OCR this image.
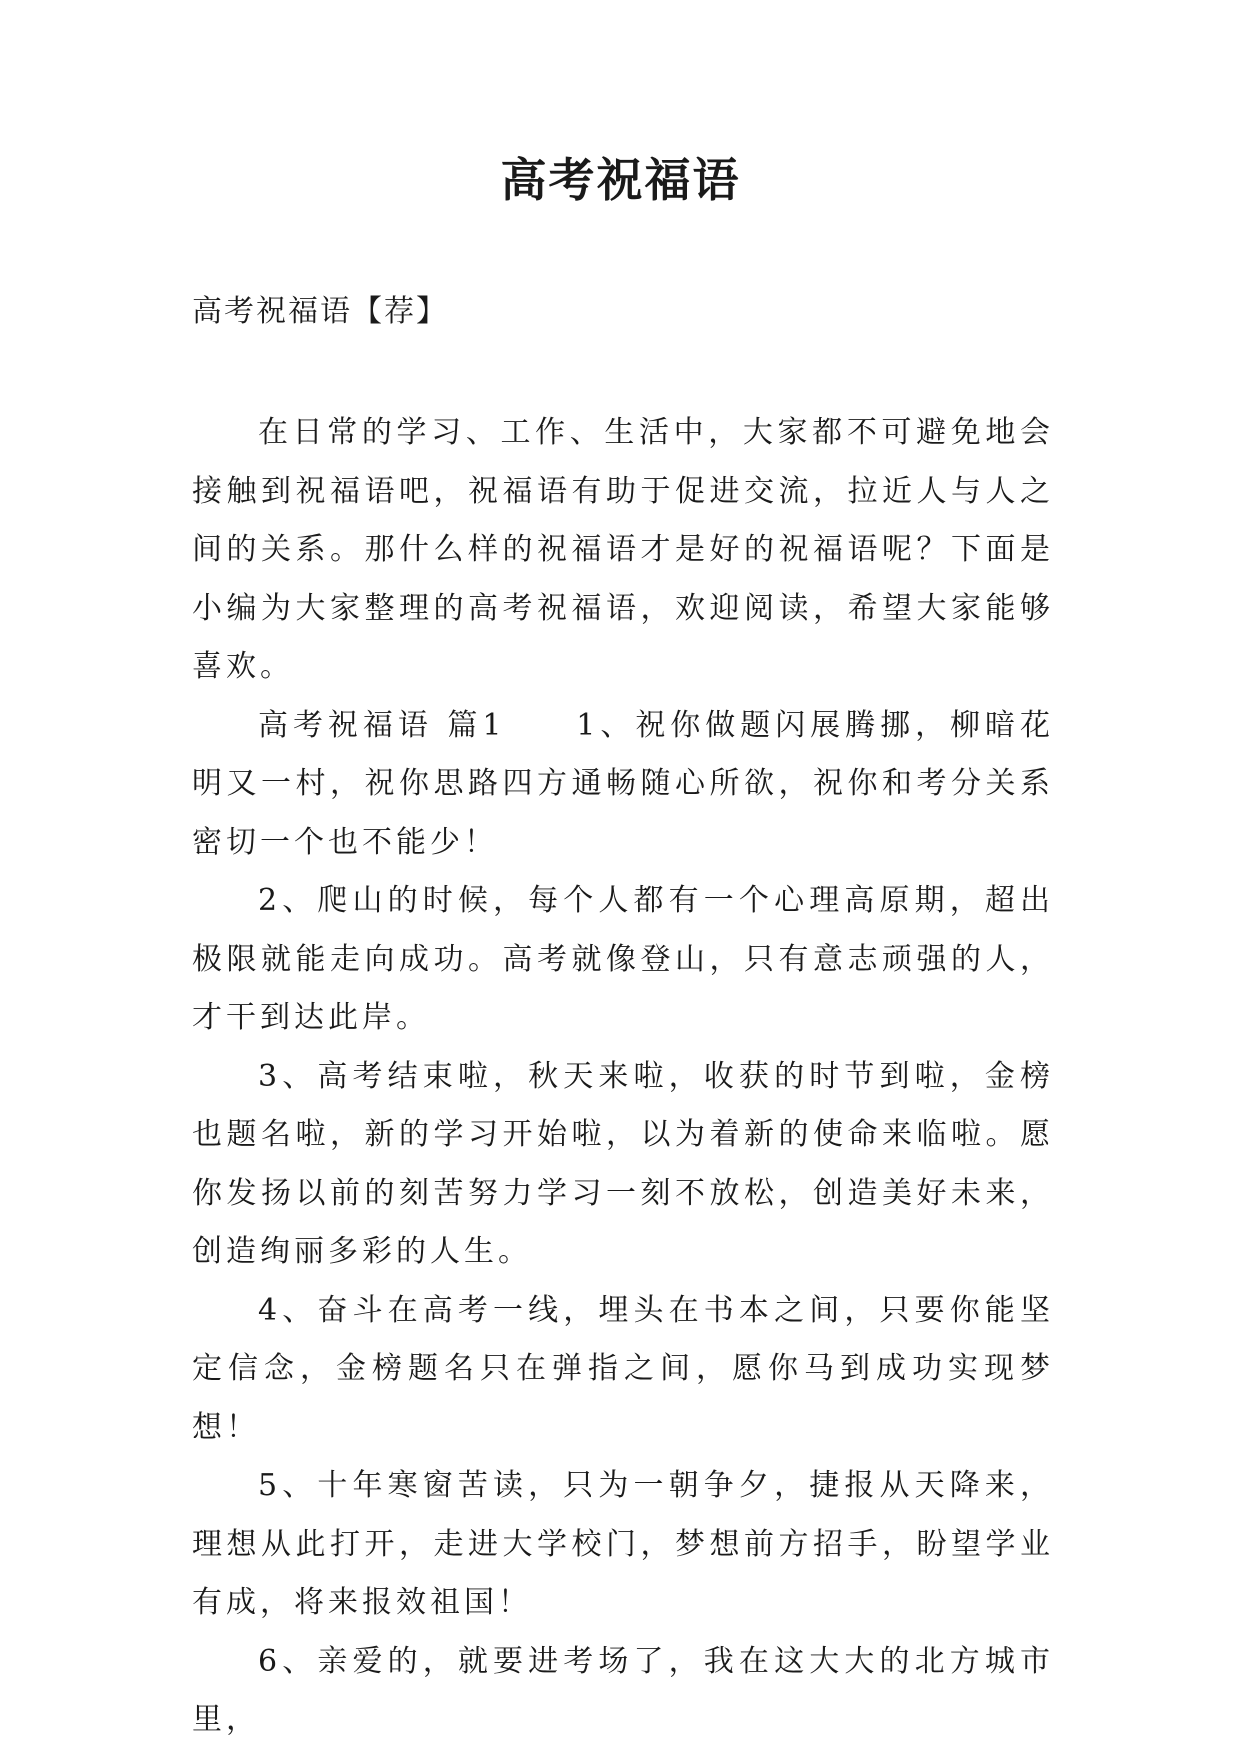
高考祝福语

高考祝福语【荐】

在日常的学习、工作、生活中，大家都不可避免地会接触到祝福语吧，祝福语有助于促进交流，拉近人与人之间的关系。那什么样的祝福语才是好的祝福语呢？下面是小编为大家整理的高考祝福语，欢迎阅读，希望大家能够喜欢。

高考祝福语 篇1　　1、祝你做题闪展腾挪，柳暗花明又一村，祝你思路四方通畅随心所欲，祝你和考分关系密切一个也不能少！

2、爬山的时候，每个人都有一个心理高原期，超出极限就能走向成功。高考就像登山，只有意志顽强的人，才干到达此岸。

3、高考结束啦，秋天来啦，收获的时节到啦，金榜也题名啦，新的学习开始啦，以为着新的使命来临啦。愿你发扬以前的刻苦努力学习一刻不放松，创造美好未来，创造绚丽多彩的人生。

4、奋斗在高考一线，埋头在书本之间，只要你能坚定信念，金榜题名只在弹指之间，愿你马到成功实现梦想！

5、十年寒窗苦读，只为一朝争夕，捷报从天降来，理想从此打开，走进大学校门，梦想前方招手，盼望学业有成，将来报效祖国！

6、亲爱的，就要进考场了，我在这大大的北方城市里，
